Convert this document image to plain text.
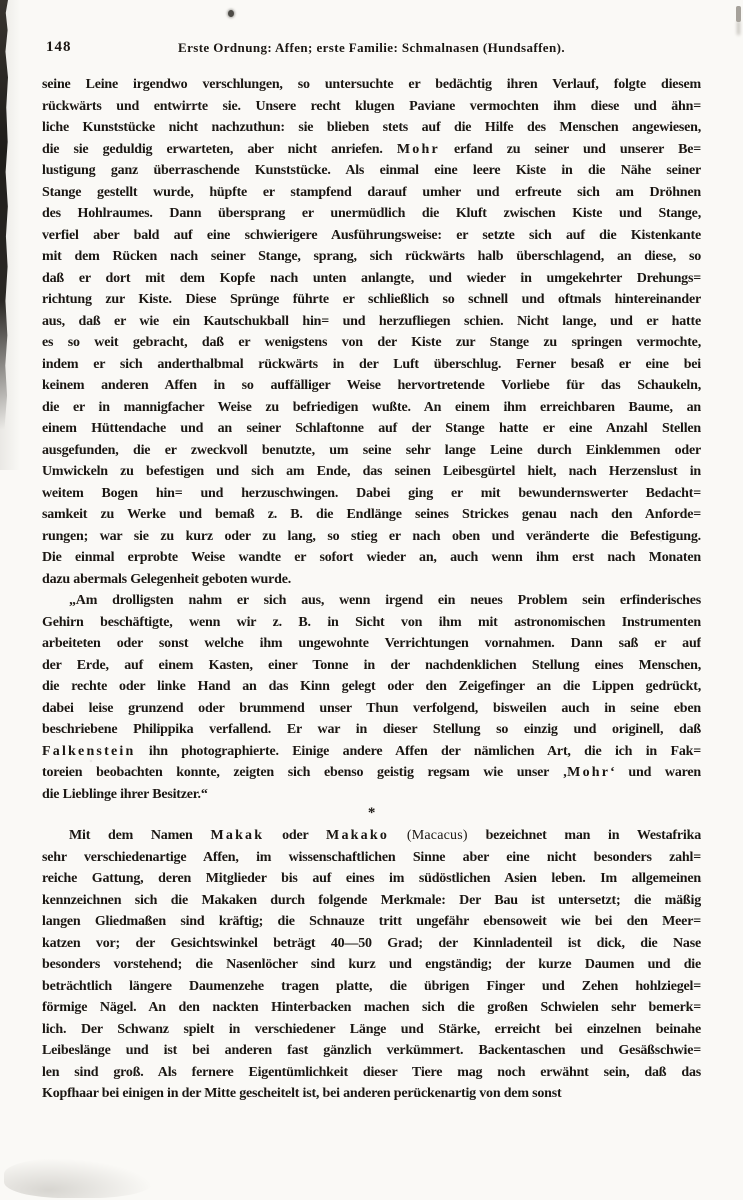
148	Erste Ordnung: Affen; erste Familie: Schmalnasen (Hundsaffen).
seine Leine irgendwo verschlungen, so untersuchte er bedächtig ihren Verlauf, folgte diesem
rückwärts und entwirrte sie. Unsere recht klugen Paviane vermochten ihm diese und ähn=
liche Kunststücke nicht nachzuthun: sie blieben stets auf die Hilfe des Menschen angewiesen,
die sie geduldig erwarteten, aber nicht anriefen. Mohr erfand zu seiner und unserer Be=
lustigung ganz überraschende Kunststücke. Als einmal eine leere Kiste in die Nähe seiner
Stange gestellt wurde, hüpfte er stampfend darauf umher und erfreute sich am Dröhnen
des Hohlraumes. Dann übersprang er unermüdlich die Kluft zwischen Kiste und Stange,
verfiel aber bald auf eine schwierigere Ausführungsweise: er setzte sich auf die Kistenkante
mit dem Rücken nach seiner Stange, sprang, sich rückwärts halb überschlagend, an diese, so
daß er dort mit dem Kopfe nach unten anlangte, und wieder in umgekehrter Drehungs=
richtung zur Kiste. Diese Sprünge führte er schließlich so schnell und oftmals hintereinander
aus, daß er wie ein Kautschukball hin= und herzufliegen schien. Nicht lange, und er hatte
es so weit gebracht, daß er wenigstens von der Kiste zur Stange zu springen vermochte,
indem er sich anderthalbmal rückwärts in der Luft überschlug. Ferner besaß er eine bei
keinem anderen Affen in so auffälliger Weise hervortretende Vorliebe für das Schaukeln,
die er in mannigfacher Weise zu befriedigen wußte. An einem ihm erreichbaren Baume, an
einem Hüttendache und an seiner Schlaftonne auf der Stange hatte er eine Anzahl Stellen
ausgefunden, die er zweckvoll benutzte, um seine sehr lange Leine durch Einklemmen oder
Umwickeln zu befestigen und sich am Ende, das seinen Leibesgürtel hielt, nach Herzenslust in
weitem Bogen hin= und herzuschwingen. Dabei ging er mit bewundernswerter Bedacht=
samkeit zu Werke und bemaß z. B. die Endlänge seines Strickes genau nach den Anforde=
rungen; war sie zu kurz oder zu lang, so stieg er nach oben und veränderte die Befestigung.
Die einmal erprobte Weise wandte er sofort wieder an, auch wenn ihm erst nach Monaten
dazu abermals Gelegenheit geboten wurde.
„Am drolligsten nahm er sich aus, wenn irgend ein neues Problem sein erfinderisches
Gehirn beschäftigte, wenn wir z. B. in Sicht von ihm mit astronomischen Instrumenten
arbeiteten oder sonst welche ihm ungewohnte Verrichtungen vornahmen. Dann saß er auf
der Erde, auf einem Kasten, einer Tonne in der nachdenklichen Stellung eines Menschen,
die rechte oder linke Hand an das Kinn gelegt oder den Zeigefinger an die Lippen gedrückt,
dabei leise grunzend oder brummend unser Thun verfolgend, bisweilen auch in seine eben
beschriebene Philippika verfallend. Er war in dieser Stellung so einzig und originell, daß
Falkenstein ihn photographierte. Einige andere Affen der nämlichen Art, die ich in Fak=
toreien beobachten konnte, zeigten sich ebenso geistig regsam wie unser ‚Mohr‘ und waren
die Lieblinge ihrer Besitzer.“
*
Mit dem Namen Makak oder Makako (Macacus) bezeichnet man in Westafrika
sehr verschiedenartige Affen, im wissenschaftlichen Sinne aber eine nicht besonders zahl=
reiche Gattung, deren Mitglieder bis auf eines im südöstlichen Asien leben. Im allgemeinen
kennzeichnen sich die Makaken durch folgende Merkmale: Der Bau ist untersetzt; die mäßig
langen Gliedmaßen sind kräftig; die Schnauze tritt ungefähr ebensoweit wie bei den Meer=
katzen vor; der Gesichtswinkel beträgt 40—50 Grad; der Kinnladenteil ist dick, die Nase
besonders vorstehend; die Nasenlöcher sind kurz und engständig; der kurze Daumen und die
beträchtlich längere Daumenzehe tragen platte, die übrigen Finger und Zehen hohlziegel=
förmige Nägel. An den nackten Hinterbacken machen sich die großen Schwielen sehr bemerk=
lich. Der Schwanz spielt in verschiedener Länge und Stärke, erreicht bei einzelnen beinahe
Leibeslänge und ist bei anderen fast gänzlich verkümmert. Backentaschen und Gesäßschwie=
len sind groß. Als fernere Eigentümlichkeit dieser Tiere mag noch erwähnt sein, daß das
Kopfhaar bei einigen in der Mitte gescheitelt ist, bei anderen perückenartig von dem sonst
